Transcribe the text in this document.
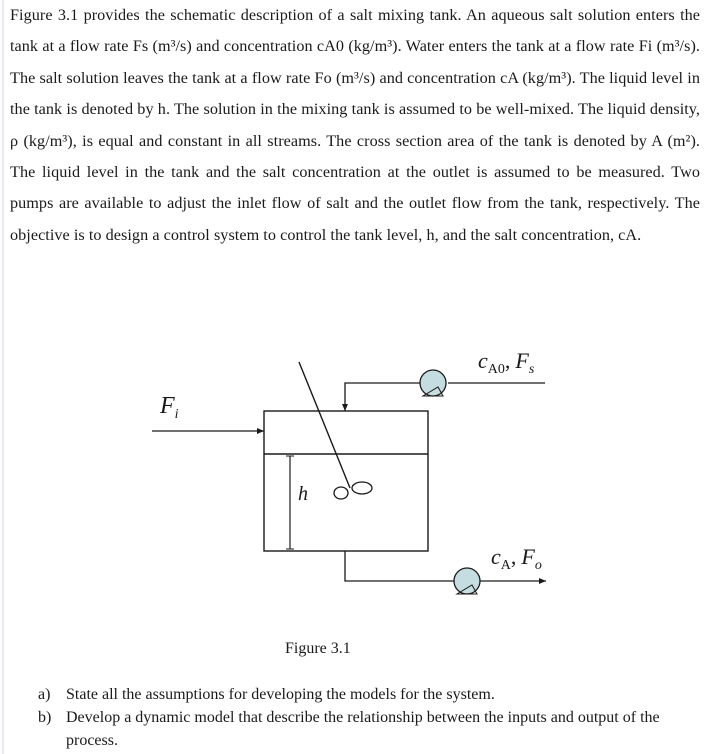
Figure 3.1 provides the schematic description of a salt mixing tank. An aqueous salt solution enters the tank at a flow rate Fs (m³/s) and concentration cA0 (kg/m³). Water enters the tank at a flow rate Fi (m³/s). The salt solution leaves the tank at a flow rate Fo (m³/s) and concentration cA (kg/m³). The liquid level in the tank is denoted by h. The solution in the mixing tank is assumed to be well-mixed. The liquid density, ρ (kg/m³), is equal and constant in all streams. The cross section area of the tank is denoted by A (m²). The liquid level in the tank and the salt concentration at the outlet is assumed to be measured. Two pumps are available to adjust the inlet flow of salt and the outlet flow from the tank, respectively. The objective is to design a control system to control the tank level, h, and the salt concentration, cA.
$F_i$
$c_{A0}$, $F_s$
h
$c_A$, $F_o$
Figure 3.1
a) State all the assumptions for developing the models for the system.
b) Develop a dynamic model that describe the relationship between the inputs and output of the process.
